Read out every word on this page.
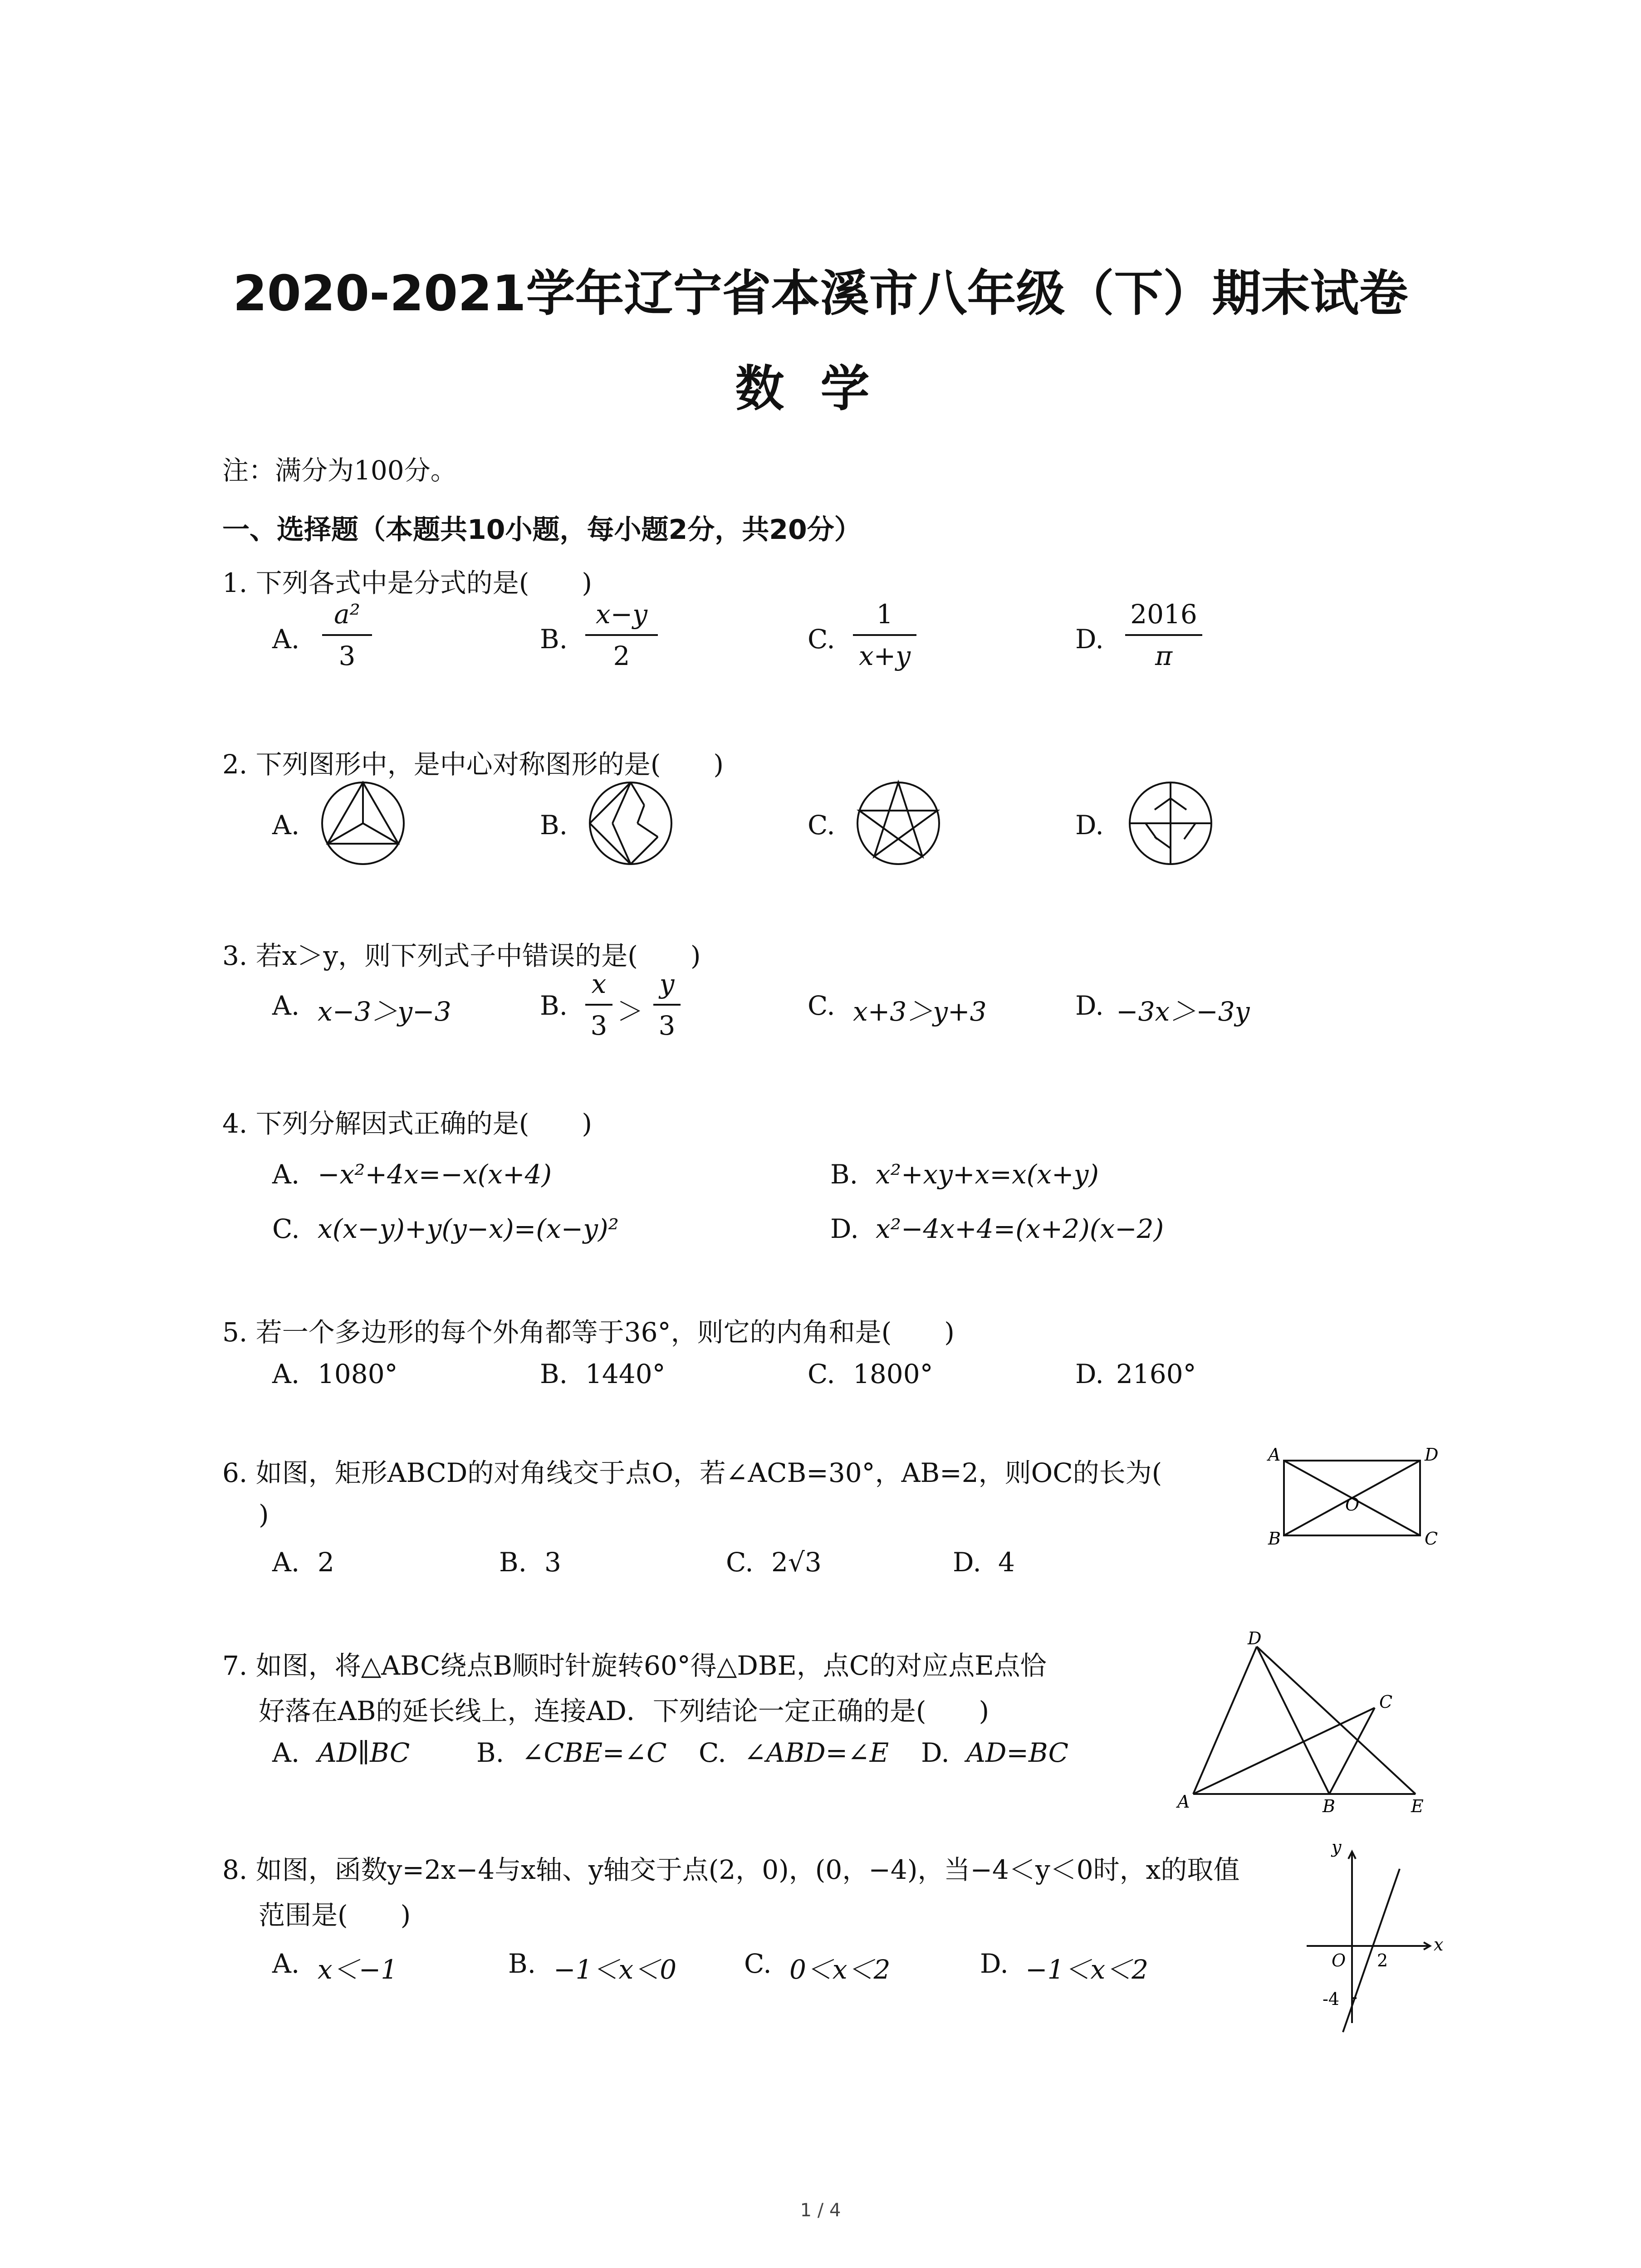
2020-2021学年辽宁省本溪市八年级（下）期末试卷
数学
注：满分为100分。
一、选择题（本题共10小题，每小题2分，共20分）
1. 下列各式中是分式的是(　　)
A.
a²
3
B.
x−y
2
C.
1
x+y
D.
2016
π
2. 下列图形中，是中心对称图形的是(　　)
A.	B.	C.	D.
3. 若x＞y，则下列式子中错误的是(　　)
A. x−3＞y−3	B.
x
3 ＞
y
3
C. x+3＞y+3	D. −3x＞−3y
4. 下列分解因式正确的是(　　)
A. −x²+4x=−x(x+4)	B. x²+xy+x=x(x+y)
C. x(x−y)+y(y−x)=(x−y)²	D. x²−4x+4=(x+2)(x−2)
5. 若一个多边形的每个外角都等于36°，则它的内角和是(　　)
A. 1080°	B. 1440°	C. 1800°	D. 2160°
6. 如图，矩形ABCD的对角线交于点O，若∠ACB=30°，AB=2，则OC的长为(
)
A. 2	B. 3	C. 2√3	D. 4
A
B	C
D
O
7. 如图，将△ABC绕点B顺时针旋转60°得△DBE，点C的对应点E点恰
好落在AB的延长线上，连接AD．下列结论一定正确的是(　　)
A. AD∥BC	B. ∠CBE=∠C C. ∠ABD=∠E D. AD=BC
A	B
C
D
E
8. 如图，函数y=2x−4与x轴、y轴交于点(2，0)，(0，−4)，当−4＜y＜0时，x的取值
范围是(　　)
A. x＜−1	B. −1＜x＜0	C. 0＜x＜2	D. −1＜x＜2
y
x
O 2
-4
1 / 4
